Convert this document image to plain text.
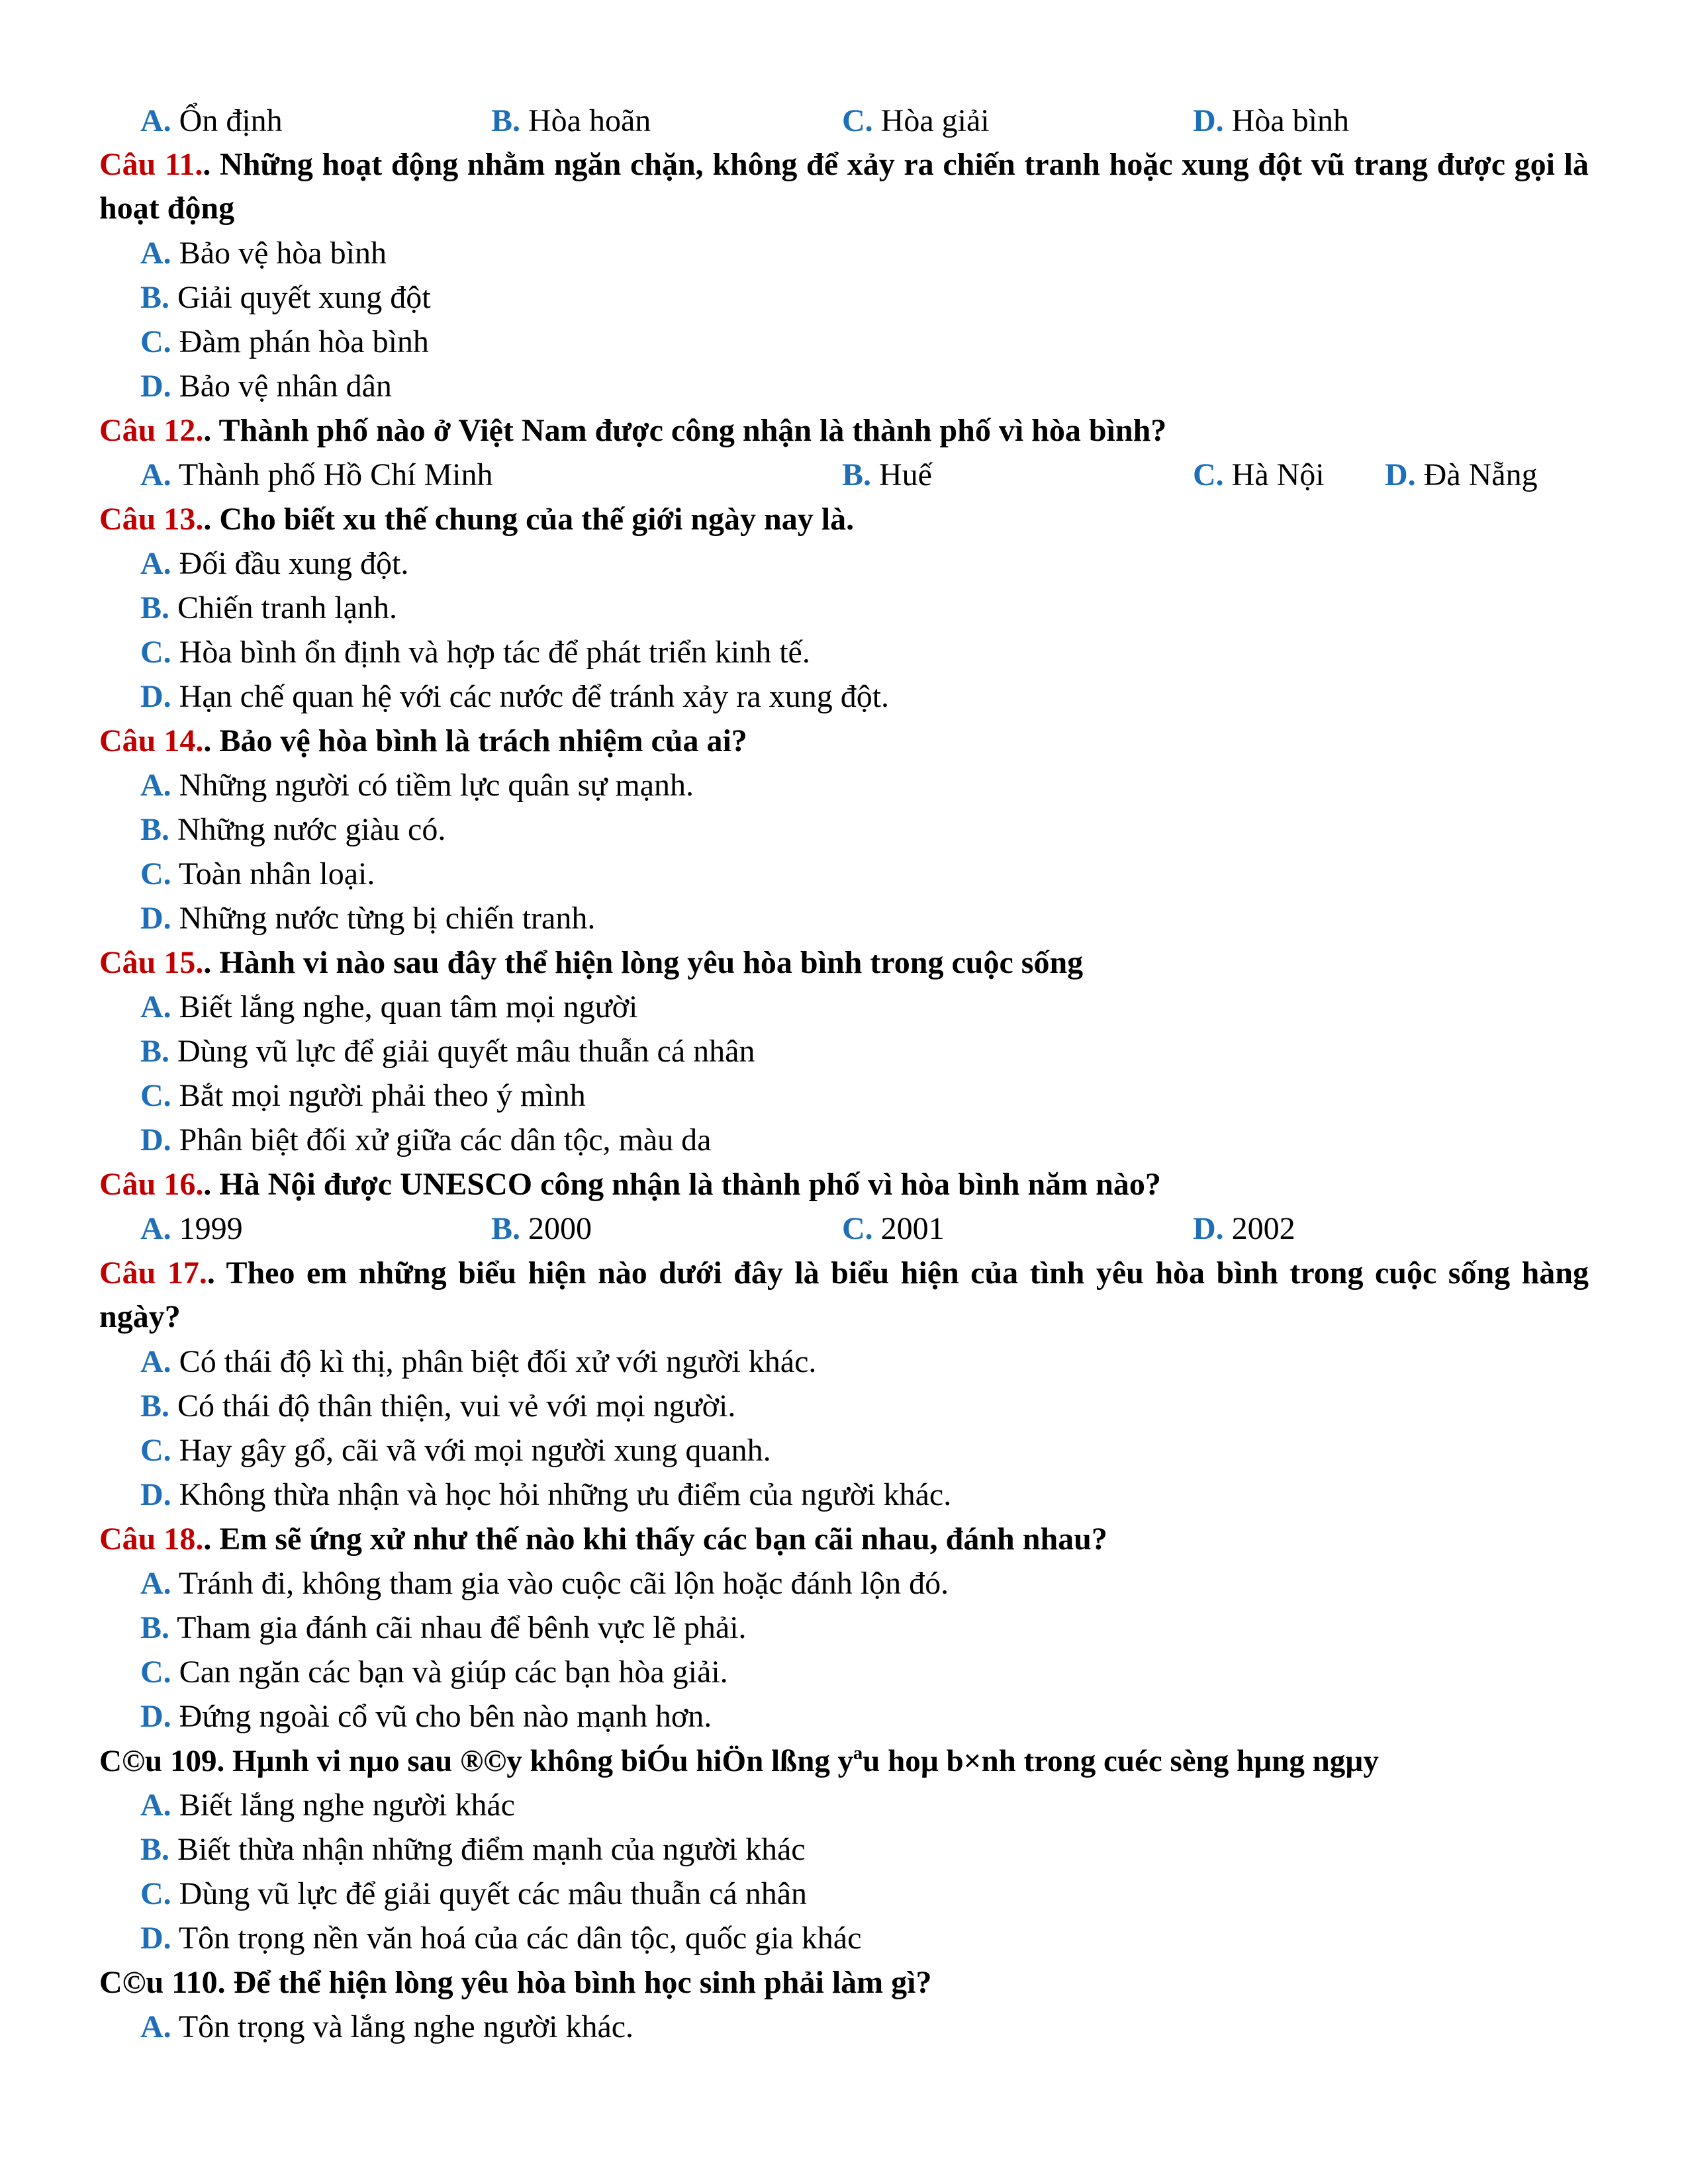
A. Ổn định	B. Hòa hoãn	C. Hòa giải	D. Hòa bình
Câu 11.. Những hoạt động nhằm ngăn chặn, không để xảy ra chiến tranh hoặc xung đột vũ trang được gọi là hoạt động
A. Bảo vệ hòa bình
B. Giải quyết xung đột
C. Đàm phán hòa bình
D. Bảo vệ nhân dân
Câu 12.. Thành phố nào ở Việt Nam được công nhận là thành phố vì hòa bình?
A. Thành phố Hồ Chí Minh	B. Huế	C. Hà Nội D. Đà Nẵng
Câu 13.. Cho biết xu thế chung của thế giới ngày nay là.
A. Đối đầu xung đột.
B. Chiến tranh lạnh.
C. Hòa bình ổn định và hợp tác để phát triển kinh tế.
D. Hạn chế quan hệ với các nước để tránh xảy ra xung đột.
Câu 14.. Bảo vệ hòa bình là trách nhiệm của ai?
A. Những người có tiềm lực quân sự mạnh.
B. Những nước giàu có.
C. Toàn nhân loại.
D. Những nước từng bị chiến tranh.
Câu 15.. Hành vi nào sau đây thể hiện lòng yêu hòa bình trong cuộc sống
A. Biết lắng nghe, quan tâm mọi người
B. Dùng vũ lực để giải quyết mâu thuẫn cá nhân
C. Bắt mọi người phải theo ý mình
D. Phân biệt đối xử giữa các dân tộc, màu da
Câu 16.. Hà Nội được UNESCO công nhận là thành phố vì hòa bình năm nào?
A. 1999	B. 2000	C. 2001	D. 2002
Câu 17.. Theo em những biểu hiện nào dưới đây là biểu hiện của tình yêu hòa bình trong cuộc sống hàng ngày?
A. Có thái độ kì thị, phân biệt đối xử với người khác.
B. Có thái độ thân thiện, vui vẻ với mọi người.
C. Hay gây gổ, cãi vã với mọi người xung quanh.
D. Không thừa nhận và học hỏi những ưu điểm của người khác.
Câu 18.. Em sẽ ứng xử như thế nào khi thấy các bạn cãi nhau, đánh nhau?
A. Tránh đi, không tham gia vào cuộc cãi lộn hoặc đánh lộn đó.
B. Tham gia đánh cãi nhau để bênh vực lẽ phải.
C. Can ngăn các bạn và giúp các bạn hòa giải.
D. Đứng ngoài cổ vũ cho bên nào mạnh hơn.
C©u 109. Hµnh vi nµo sau ®©y không biÓu hiÖn lßng yªu hoµ b×nh trong cuéc sèng hµng ngµy
A. Biết lắng nghe người khác
B. Biết thừa nhận những điểm mạnh của người khác
C. Dùng vũ lực để giải quyết các mâu thuẫn cá nhân
D. Tôn trọng nền văn hoá của các dân tộc, quốc gia khác
C©u 110. Để thể hiện lòng yêu hòa bình học sinh phải làm gì?
A. Tôn trọng và lắng nghe người khác.
